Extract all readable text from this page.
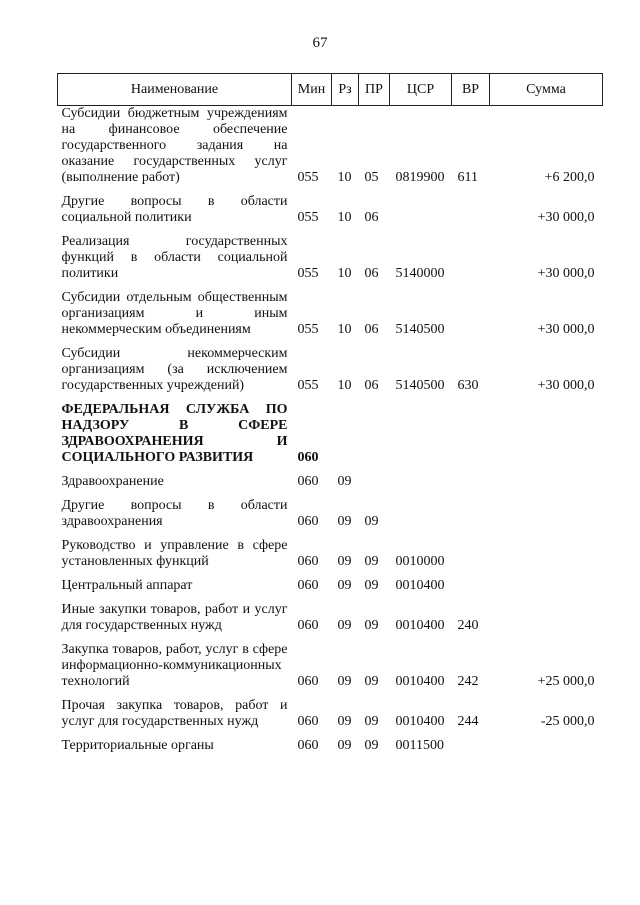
67
Наименование	Мин	Рз	ПР	ЦСР	ВР	Сумма
Субсидии бюджетным учреждениям на финансовое обеспечение государственного задания на оказание государственных услуг (выполнение работ)	055	10	05	0819900	611	+6 200,0

Другие вопросы в области социальной политики	055	10	06			+30 000,0

Реализация государственных функций в области социальной политики	055	10	06	5140000		+30 000,0

Субсидии отдельным общественным организациям и иным некоммерческим объединениям	055	10	06	5140500		+30 000,0

Субсидии некоммерческим организациям (за исключением государственных учреждений)	055	10	06	5140500	630	+30 000,0

ФЕДЕРАЛЬНАЯ СЛУЖБА ПО НАДЗОРУ В СФЕРЕ ЗДРАВООХРАНЕНИЯ И СОЦИАЛЬНОГО РАЗВИТИЯ	060					

Здравоохранение	060	09				

Другие вопросы в области здравоохранения	060	09	09			

Руководство и управление в сфере установленных функций	060	09	09	0010000		

Центральный аппарат	060	09	09	0010400		

Иные закупки товаров, работ и услуг для государственных нужд	060	09	09	0010400	240	

Закупка товаров, работ, услуг в сфере информационно-коммуникационных технологий	060	09	09	0010400	242	+25 000,0

Прочая закупка товаров, работ и услуг для государственных нужд	060	09	09	0010400	244	-25 000,0

Территориальные органы	060	09	09	0011500		
